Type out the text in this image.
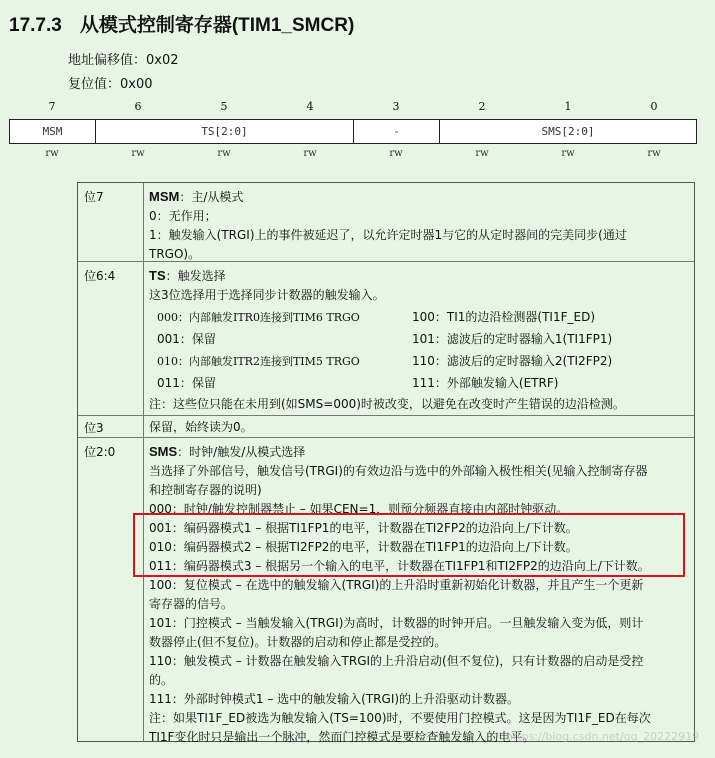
17.7.3 从模式控制寄存器(TIM1_SMCR)
地址偏移值：0x02
复位值：0x00
7	6	5	4	3	2	1	0
MSM	TS[2:0]	-	SMS[2:0]
rw	rw	rw	rw	rw	rw	rw	rw
位7	MSM：主/从模式
0：无作用；
1：触发输入(TRGI)上的事件被延迟了，以允许定时器1与它的从定时器间的完美同步(通过
TRGO)。
位6:4	TS：触发选择
这3位选择用于选择同步计数器的触发输入。
000：内部触发ITR0连接到TIM6 TRGO	100：TI1的边沿检测器(TI1F_ED)
001：保留	101：滤波后的定时器输入1(TI1FP1)
010：内部触发ITR2连接到TIM5 TRGO	110：滤波后的定时器输入2(TI2FP2)
011：保留	111：外部触发输入(ETRF)
注：这些位只能在未用到(如SMS=000)时被改变，以避免在改变时产生错误的边沿检测。
位3	保留，始终读为0。
位2:0	SMS：时钟/触发/从模式选择
当选择了外部信号，触发信号(TRGI)的有效边沿与选中的外部输入极性相关(见输入控制寄存器
和控制寄存器的说明)
000：时钟/触发控制器禁止 – 如果CEN=1，则预分频器直接由内部时钟驱动。
001：编码器模式1 – 根据TI1FP1的电平，计数器在TI2FP2的边沿向上/下计数。
010：编码器模式2 – 根据TI2FP2的电平，计数器在TI1FP1的边沿向上/下计数。
011：编码器模式3 – 根据另一个输入的电平，计数器在TI1FP1和TI2FP2的边沿向上/下计数。
100：复位模式 – 在选中的触发输入(TRGI)的上升沿时重新初始化计数器，并且产生一个更新
寄存器的信号。
101：门控模式 – 当触发输入(TRGI)为高时，计数器的时钟开启。一旦触发输入变为低，则计
数器停止(但不复位)。计数器的启动和停止都是受控的。
110：触发模式 – 计数器在触发输入TRGI的上升沿启动(但不复位)，只有计数器的启动是受控
的。
111：外部时钟模式1 – 选中的触发输入(TRGI)的上升沿驱动计数器。
注：如果TI1F_ED被选为触发输入(TS=100)时，不要使用门控模式。这是因为TI1F_ED在每次
TI1F变化时只是输出一个脉冲，然而门控模式是要检查触发输入的电平。
https://blog.csdn.net/qq_20222919
